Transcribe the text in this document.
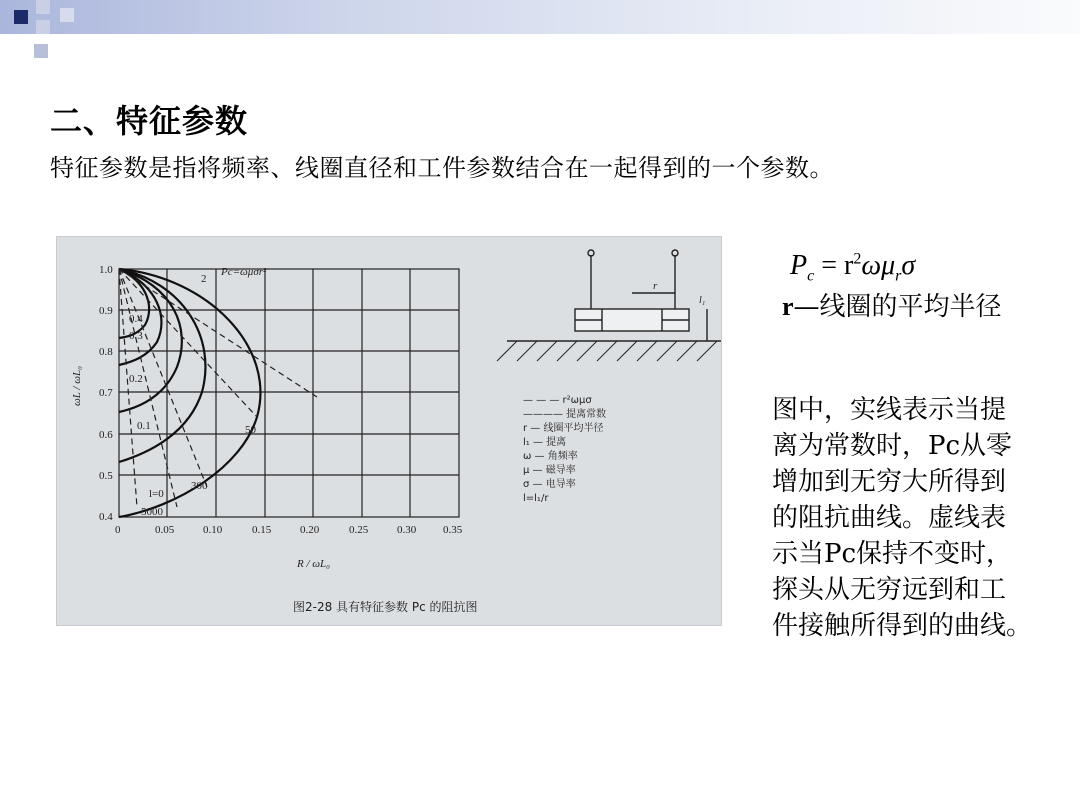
二、特征参数
特征参数是指将频率、线圈直径和工件参数结合在一起得到的一个参数。
1.0
0.9
0.8
0.7
0.6
0.5
0.4
0	0.05	0.10	0.15	0.20	0.25	0.30 0.35
ωL / ωL₀
R / ωL₀
l=0
0.1
0.2
0.3
0.4
2
50
300
5000
Pc=ωμσr²
— — — r²ωμσ
———— 提离常数
r — 线圈平均半径
l₁ — 提离
ω — 角频率
μ — 磁导率
σ — 电导率
l=l₁/r
r
l₁
图2-28 具有特征参数 Pc 的阻抗图
$P_c = r^2\omega\mu_r\sigma$
r—线圈的平均半径
图中，实线表示当提
离为常数时，Pc从零
增加到无穷大所得到
的阻抗曲线。虚线表
示当Pc保持不变时，
探头从无穷远到和工
件接触所得到的曲线。
